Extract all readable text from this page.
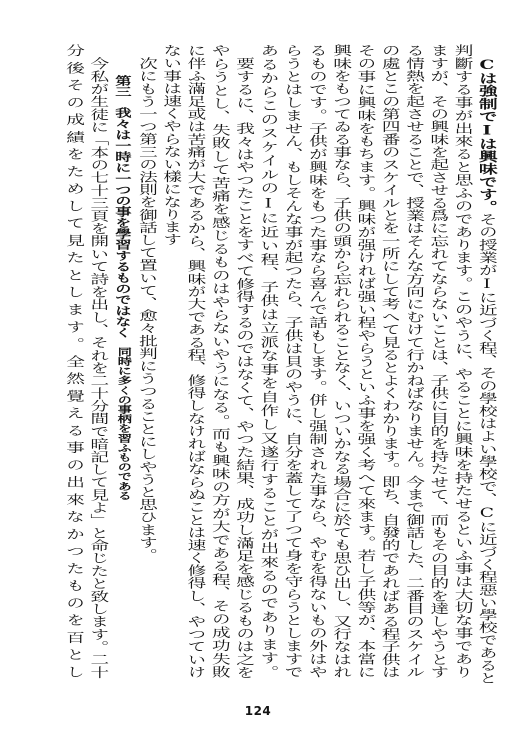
Cは強制でIは興味です。その授業がIに近づく程、その學校はよい學校で、Cに近づく程惡い學校であると
判斷する事が出來ると思ふのであります。このやうに、やることに興味を持たせるといふ事は大切な事であり
ますが、その興味を起させる爲に忘れてならないことは、子供に目的を持たせて、而もその目的を達しやうとす
る情熱を起させることで、授業はそんな方向にむけて行かねばなりません。今まで御話した、二番目のスケイル
の處とこの第四番のスケイルとを一所にして考へて見るとよくわかります。即ち、自發的であればある程子供は
その事に興味をもちます。興味が强ければ强い程やらうといふ事を强く考へて來ます。若し子供等が、本當に
興味をもつてゐる事なら、子供の頭から忘れられることなく、いついかなる場合に於ても思ひ出し、又行なはれ
るものです。子供が興味をもつた事なら喜んで話もします。併し强制された事なら、やむを得ないもの外はや
らうとはしません、もしそんな事が起つたら、子供は貝のやうに、自分を蓋して了つて身を守らうとしますで
あるからこのスケイルのIに近い程、子供は立派な事を自作し又遂行することが出來るのであります。
要するに、我々はやつたことをすべて修得するのではなくて、やつた結果、成功し滿足を感じるものは之を
やらうとし、失敗して苦痛を感じるものはやらないやうになる。而も興味の方が大である程、その成功失敗
に伴ふ滿足或は苦痛が大であるから、興味が大である程、修得しなければならぬことは速く修得し、やつていけ
ない事は速くやらない樣になります
次にもう一つ第三の法則を御話して置いて、愈々批判にうつることにしやうと思ひます。
第三我々は一時に一つの事を學習するものではなく同時に多くの事柄を習ふものである
今私が生徒に「本の七十三頁を開いて詩を出し、それを二十分間で暗記して見よ」と命じたと致します。二十
分後その成績をためして見たとします。全然覺える事の出來なかつたものを百とし
124
